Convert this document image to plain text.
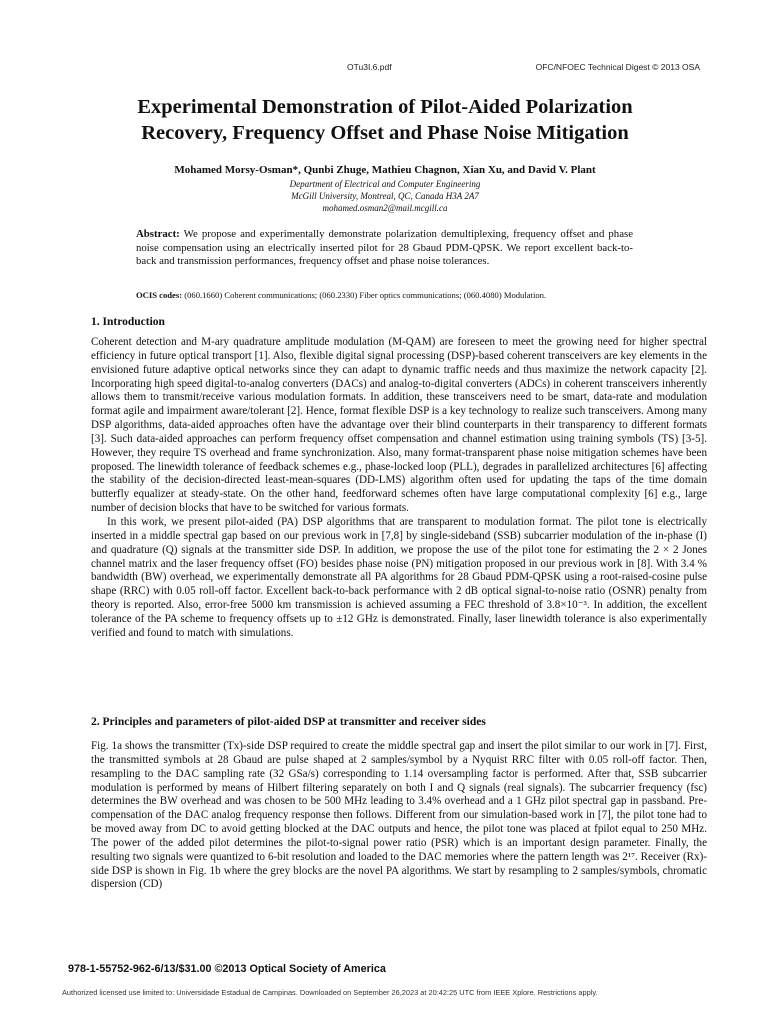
OTu3I.6.pdf	OFC/NFOEC Technical Digest © 2013 OSA
Experimental Demonstration of Pilot-Aided Polarization
Recovery, Frequency Offset and Phase Noise Mitigation
Mohamed Morsy-Osman*, Qunbi Zhuge, Mathieu Chagnon, Xian Xu, and David V. Plant
Department of Electrical and Computer Engineering
McGill University, Montreal, QC, Canada H3A 2A7
mohamed.osman2@mail.mcgill.ca
Abstract: We propose and experimentally demonstrate polarization demultiplexing, frequency offset and phase noise compensation using an electrically inserted pilot for 28 Gbaud PDM-QPSK. We report excellent back-to-back and transmission performances, frequency offset and phase noise tolerances.
OCIS codes: (060.1660) Coherent communications; (060.2330) Fiber optics communications; (060.4080) Modulation.
1. Introduction

Coherent detection and M-ary quadrature amplitude modulation (M-QAM) are foreseen to meet the growing need for higher spectral efficiency in future optical transport [1]. Also, flexible digital signal processing (DSP)-based coherent transceivers are key elements in the envisioned future adaptive optical networks since they can adapt to dynamic traffic needs and thus maximize the network capacity [2]. Incorporating high speed digital-to-analog converters (DACs) and analog-to-digital converters (ADCs) in coherent transceivers inherently allows them to transmit/receive various modulation formats. In addition, these transceivers need to be smart, data-rate and modulation format agile and impairment aware/tolerant [2]. Hence, format flexible DSP is a key technology to realize such transceivers. Among many DSP algorithms, data-aided approaches often have the advantage over their blind counterparts in their transparency to different formats [3]. Such data-aided approaches can perform frequency offset compensation and channel estimation using training symbols (TS) [3-5]. However, they require TS overhead and frame synchronization. Also, many format-transparent phase noise mitigation schemes have been proposed. The linewidth tolerance of feedback schemes e.g., phase-locked loop (PLL), degrades in parallelized architectures [6] affecting the stability of the decision-directed least-mean-squares (DD-LMS) algorithm often used for updating the taps of the time domain butterfly equalizer at steady-state. On the other hand, feedforward schemes often have large computational complexity [6] e.g., large number of decision blocks that have to be switched for various formats.

In this work, we present pilot-aided (PA) DSP algorithms that are transparent to modulation format. The pilot tone is electrically inserted in a middle spectral gap based on our previous work in [7,8] by single-sideband (SSB) subcarrier modulation of the in-phase (I) and quadrature (Q) signals at the transmitter side DSP. In addition, we propose the use of the pilot tone for estimating the 2 × 2 Jones channel matrix and the laser frequency offset (FO) besides phase noise (PN) mitigation proposed in our previous work in [8]. With 3.4 % bandwidth (BW) overhead, we experimentally demonstrate all PA algorithms for 28 Gbaud PDM-QPSK using a root-raised-cosine pulse shape (RRC) with 0.05 roll-off factor. Excellent back-to-back performance with 2 dB optical signal-to-noise ratio (OSNR) penalty from theory is reported. Also, error-free 5000 km transmission is achieved assuming a FEC threshold of 3.8×10⁻³. In addition, the excellent tolerance of the PA scheme to frequency offsets up to ±12 GHz is demonstrated. Finally, laser linewidth tolerance is also experimentally verified and found to match with simulations.

2. Principles and parameters of pilot-aided DSP at transmitter and receiver sides

Fig. 1a shows the transmitter (Tx)-side DSP required to create the middle spectral gap and insert the pilot similar to our work in [7]. First, the transmitted symbols at 28 Gbaud are pulse shaped at 2 samples/symbol by a Nyquist RRC filter with 0.05 roll-off factor. Then, resampling to the DAC sampling rate (32 GSa/s) corresponding to 1.14 oversampling factor is performed. After that, SSB subcarrier modulation is performed by means of Hilbert filtering separately on both I and Q signals (real signals). The subcarrier frequency (fsc) determines the BW overhead and was chosen to be 500 MHz leading to 3.4% overhead and a 1 GHz pilot spectral gap in passband. Pre-compensation of the DAC analog frequency response then follows. Different from our simulation-based work in [7], the pilot tone had to be moved away from DC to avoid getting blocked at the DAC outputs and hence, the pilot tone was placed at fpilot equal to 250 MHz. The power of the added pilot determines the pilot-to-signal power ratio (PSR) which is an important design parameter. Finally, the resulting two signals were quantized to 6-bit resolution and loaded to the DAC memories where the pattern length was 2¹⁷. Receiver (Rx)-side DSP is shown in Fig. 1b where the grey blocks are the novel PA algorithms. We start by resampling to 2 samples/symbols, chromatic dispersion (CD)

978-1-55752-962-6/13/$31.00 ©2013 Optical Society of America
Authorized licensed use limited to: Universidade Estadual de Campinas. Downloaded on September 26,2023 at 20:42:25 UTC from IEEE Xplore. Restrictions apply.
